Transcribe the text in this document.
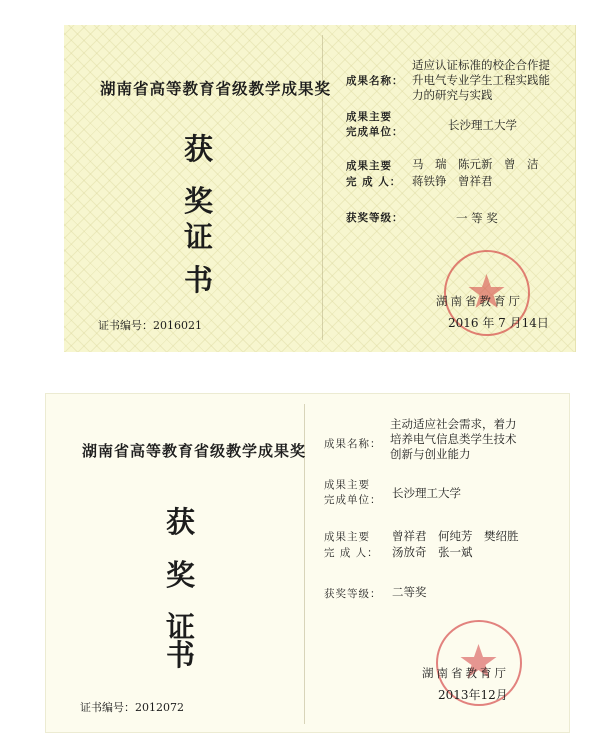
湖南省高等教育省级教学成果奖
获
奖
证
书
证书编号：2016021
成果名称：
适应认证标准的校企合作提
升电气专业学生工程实践能
力的研究与实践
成果主要
完成单位：	长沙理工大学
成果主要
完 成 人：
马　瑞　陈元新　曾　洁
蒋铁铮　曾祥君
获奖等级：	一 等 奖
湖南省教育厅
2016 年 7 月14日
湖南省高等教育省级教学成果奖
获
奖
证
书
证书编号：2012072
成果名称：
主动适应社会需求，着力
培养电气信息类学生技术
创新与创业能力
成果主要
完成单位： 长沙理工大学
成果主要
完 成 人：
曾祥君　何纯芳　樊绍胜
汤放奇　张一斌
获奖等级： 二等奖
湖南省教育厅
2013年12月
